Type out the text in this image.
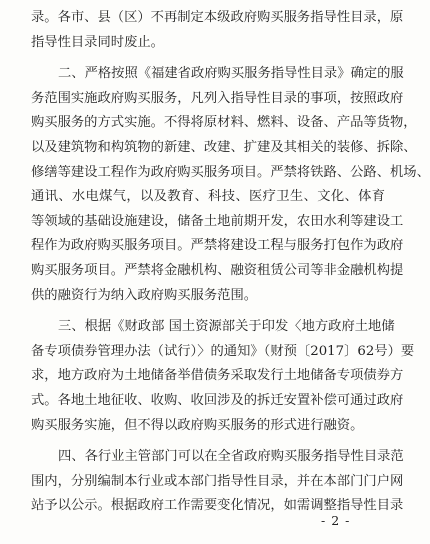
录。各市、县（区）不再制定本级政府购买服务指导性目录，原
指导性目录同时废止。
二、严格按照《福建省政府购买服务指导性目录》确定的服
务范围实施政府购买服务，凡列入指导性目录的事项，按照政府
购买服务的方式实施。不得将原材料、燃料、设备、产品等货物，
以及建筑物和构筑物的新建、改建、扩建及其相关的装修、拆除、
修缮等建设工程作为政府购买服务项目。严禁将铁路、公路、机场、
通讯、水电煤气，以及教育、科技、医疗卫生、文化、体育
等领域的基础设施建设，储备土地前期开发，农田水利等建设工
程作为政府购买服务项目。严禁将建设工程与服务打包作为政府
购买服务项目。严禁将金融机构、融资租赁公司等非金融机构提
供的融资行为纳入政府购买服务范围。
三、根据《财政部 国土资源部关于印发〈地方政府土地储
备专项债券管理办法（试行）〉的通知》（财预〔2017〕62号）要
求，地方政府为土地储备举借债务采取发行土地储备专项债券方
式。各地土地征收、收购、收回涉及的拆迁安置补偿可通过政府
购买服务实施，但不得以政府购买服务的形式进行融资。
四、各行业主管部门可以在全省政府购买服务指导性目录范
围内，分别编制本行业或本部门指导性目录，并在本部门门户网
站予以公示。根据政府工作需要变化情况，如需调整指导性目录
- 2 -
